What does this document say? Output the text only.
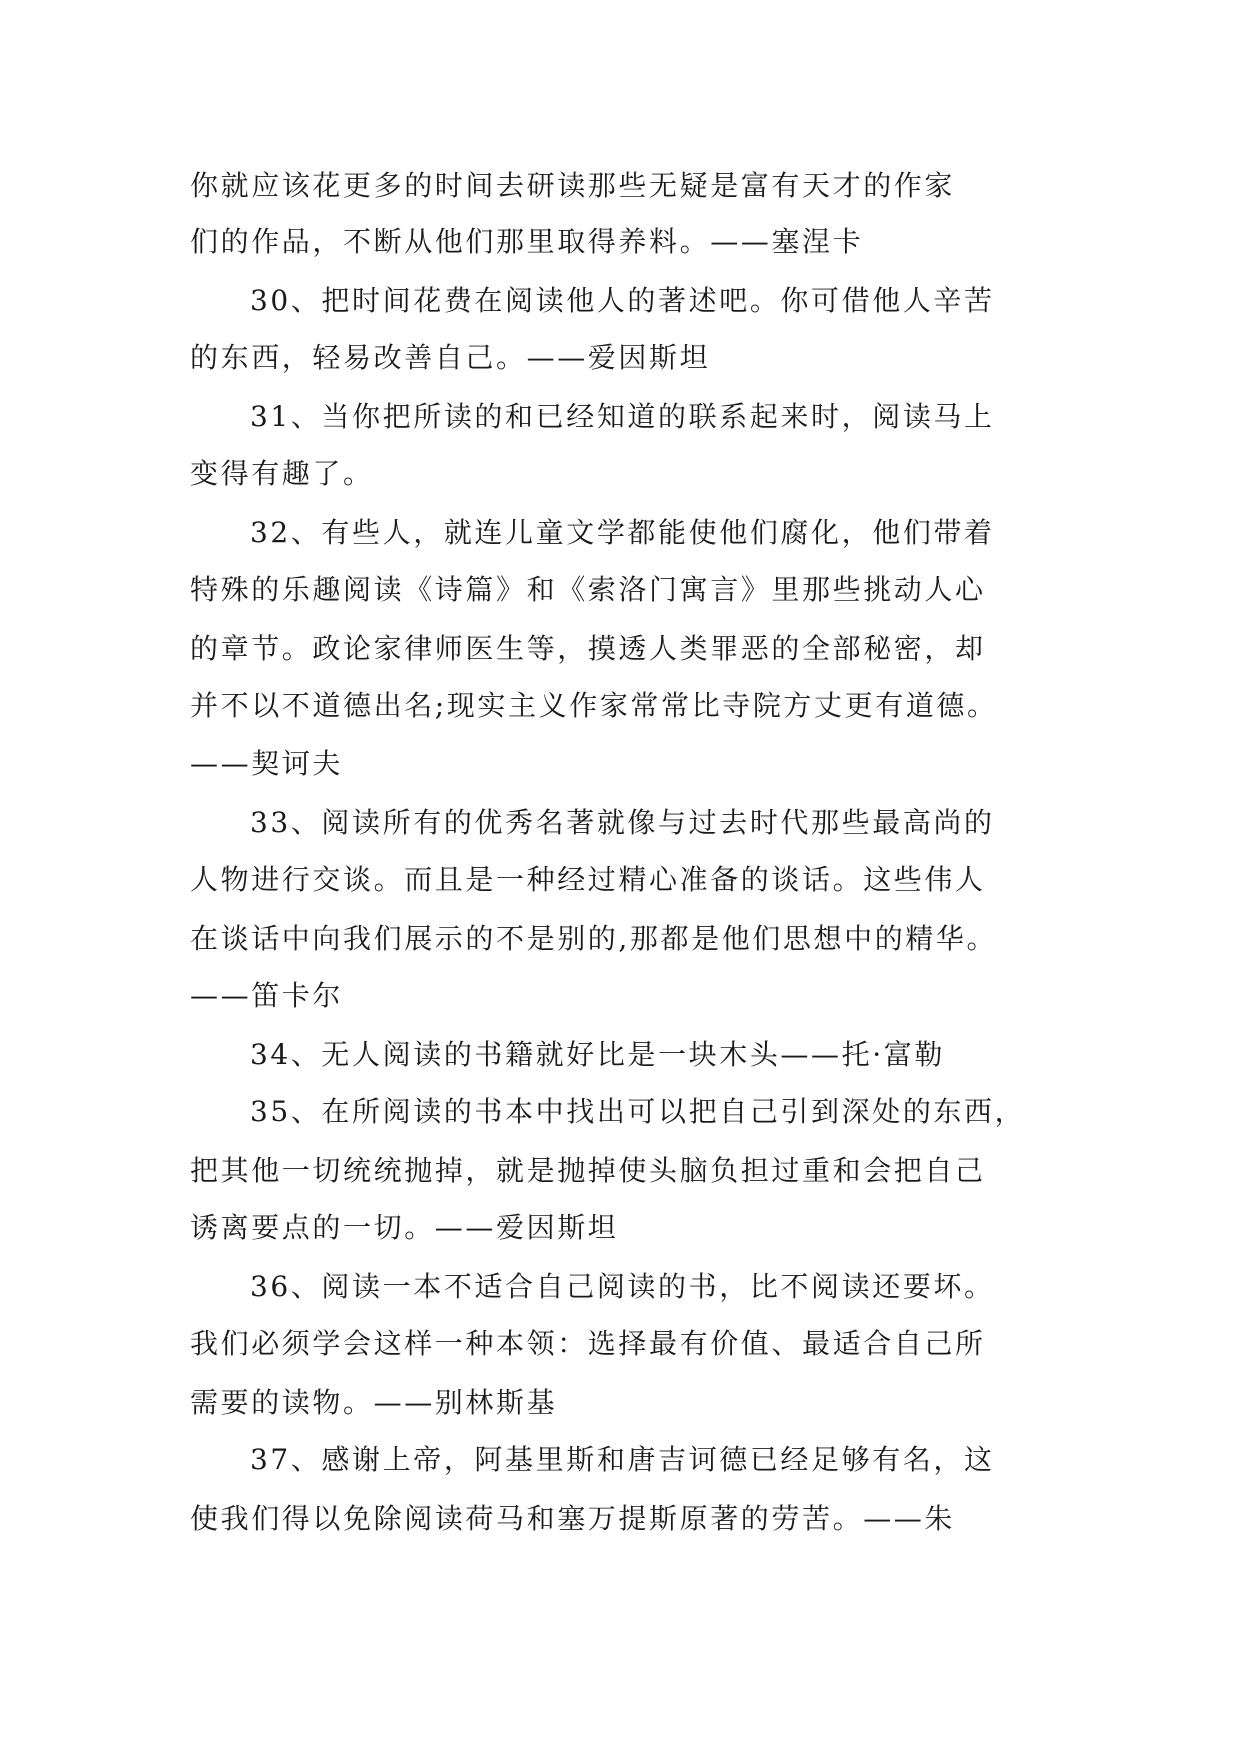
你就应该花更多的时间去研读那些无疑是富有天才的作家
们的作品，不断从他们那里取得养料。——塞涅卡
30、把时间花费在阅读他人的著述吧。你可借他人辛苦
的东西，轻易改善自己。——爱因斯坦
31、当你把所读的和已经知道的联系起来时，阅读马上
变得有趣了。
32、有些人，就连儿童文学都能使他们腐化，他们带着
特殊的乐趣阅读《诗篇》和《索洛门寓言》里那些挑动人心
的章节。政论家律师医生等，摸透人类罪恶的全部秘密，却
并不以不道德出名;现实主义作家常常比寺院方丈更有道德。
——契诃夫
33、阅读所有的优秀名著就像与过去时代那些最高尚的
人物进行交谈。而且是一种经过精心准备的谈话。这些伟人
在谈话中向我们展示的不是别的,那都是他们思想中的精华。
——笛卡尔
34、无人阅读的书籍就好比是一块木头——托·富勒
35、在所阅读的书本中找出可以把自己引到深处的东西，
把其他一切统统抛掉，就是抛掉使头脑负担过重和会把自己
诱离要点的一切。——爱因斯坦
36、阅读一本不适合自己阅读的书，比不阅读还要坏。
我们必须学会这样一种本领：选择最有价值、最适合自己所
需要的读物。——别林斯基
37、感谢上帝，阿基里斯和唐吉诃德已经足够有名，这
使我们得以免除阅读荷马和塞万提斯原著的劳苦。——朱
